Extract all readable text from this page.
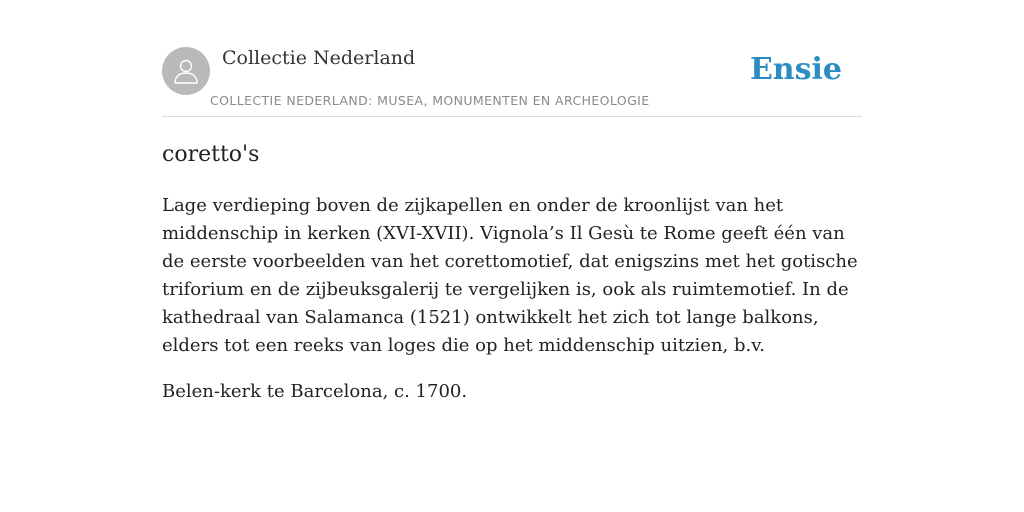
Collectie Nederland
COLLECTIE NEDERLAND: MUSEA, MONUMENTEN EN ARCHEOLOGIE
Ensie
coretto's

Lage verdieping boven de zijkapellen en onder de kroonlijst van het middenschip in kerken (XVI-XVII). Vignola’s Il Gesù te Rome geeft één van de eerste voorbeelden van het corettomotief, dat enigszins met het gotische triforium en de zijbeuksgalerij te vergelijken is, ook als ruimtemotief. In de kathedraal van Salamanca (1521) ontwikkelt het zich tot lange balkons, elders tot een reeks van loges die op het middenschip uitzien, b.v.

Belen-kerk te Barcelona, c. 1700.
